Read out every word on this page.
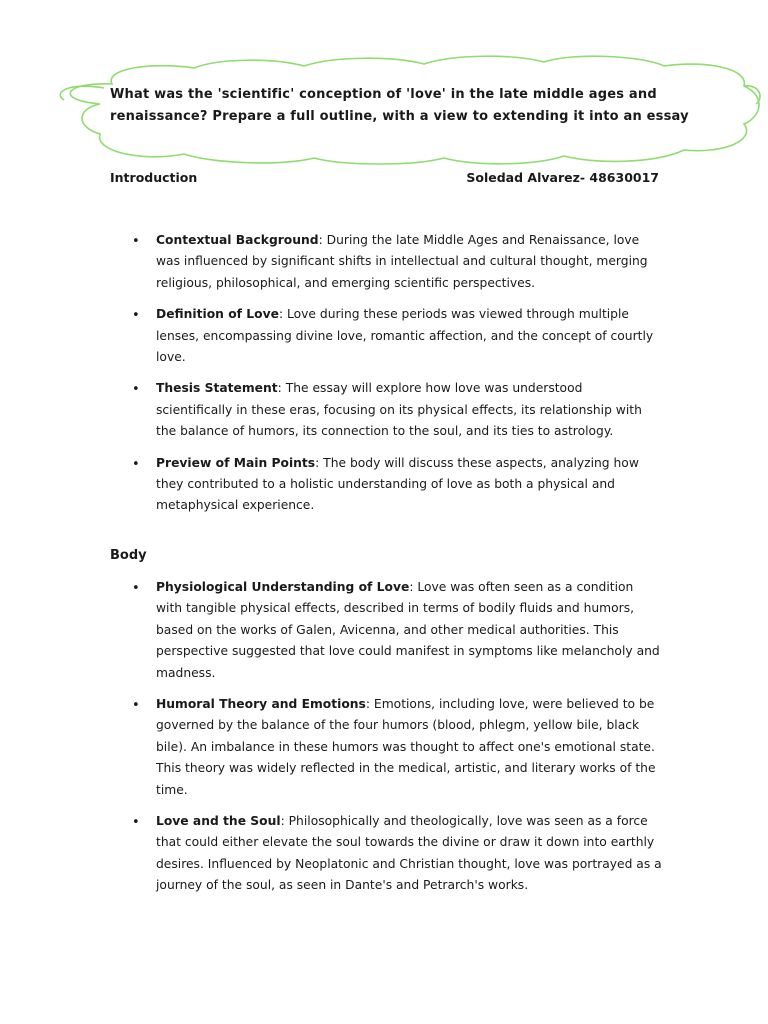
What was the 'scientific' conception of 'love' in the late middle ages and
renaissance? Prepare a full outline, with a view to extending it into an essay
Introduction	Soledad Alvarez- 48630017
• Contextual Background: During the late Middle Ages and Renaissance, love was influenced by significant shifts in intellectual and cultural thought, merging religious, philosophical, and emerging scientific perspectives.
• Definition of Love: Love during these periods was viewed through multiple lenses, encompassing divine love, romantic affection, and the concept of courtly love.
• Thesis Statement: The essay will explore how love was understood scientifically in these eras, focusing on its physical effects, its relationship with the balance of humors, its connection to the soul, and its ties to astrology.
• Preview of Main Points: The body will discuss these aspects, analyzing how they contributed to a holistic understanding of love as both a physical and metaphysical experience.
Body
• Physiological Understanding of Love: Love was often seen as a condition with tangible physical effects, described in terms of bodily fluids and humors, based on the works of Galen, Avicenna, and other medical authorities. This perspective suggested that love could manifest in symptoms like melancholy and madness.
• Humoral Theory and Emotions: Emotions, including love, were believed to be governed by the balance of the four humors (blood, phlegm, yellow bile, black bile). An imbalance in these humors was thought to affect one's emotional state. This theory was widely reflected in the medical, artistic, and literary works of the time.
• Love and the Soul: Philosophically and theologically, love was seen as a force that could either elevate the soul towards the divine or draw it down into earthly desires. Influenced by Neoplatonic and Christian thought, love was portrayed as a journey of the soul, as seen in Dante's and Petrarch's works.
